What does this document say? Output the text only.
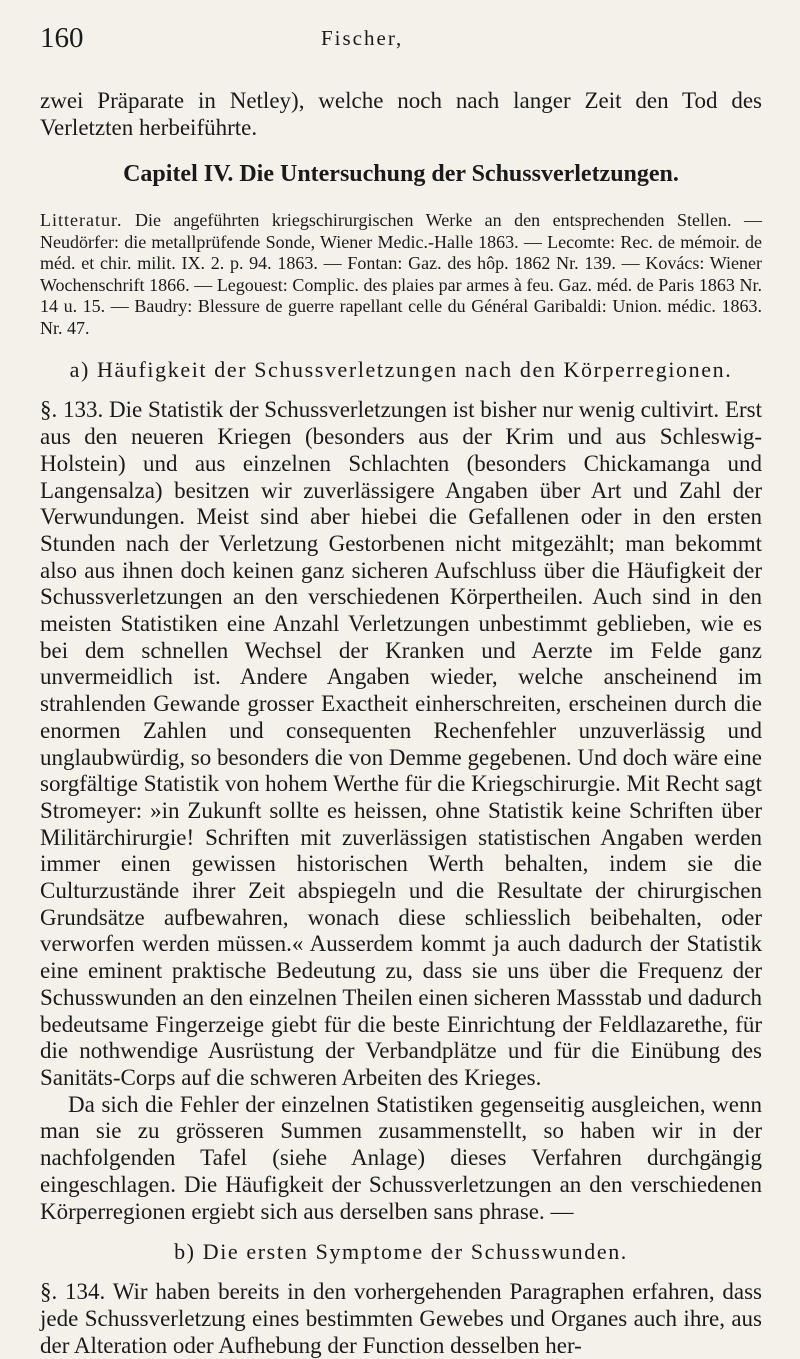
160	Fischer,

zwei Präparate in Netley), welche noch nach langer Zeit den Tod des Verletzten herbeiführte.

Capitel IV. Die Untersuchung der Schussverletzungen.

Litteratur. Die angeführten kriegschirurgischen Werke an den entsprechenden Stellen. — Neudörfer: die metallprüfende Sonde, Wiener Medic.-Halle 1863. — Lecomte: Rec. de mémoir. de méd. et chir. milit. IX. 2. p. 94. 1863. — Fontan: Gaz. des hôp. 1862 Nr. 139. — Kovács: Wiener Wochenschrift 1866. — Legouest: Complic. des plaies par armes à feu. Gaz. méd. de Paris 1863 Nr. 14 u. 15. — Baudry: Blessure de guerre rapellant celle du Général Garibaldi: Union. médic. 1863. Nr. 47.

a) Häufigkeit der Schussverletzungen nach den Körperregionen.

§. 133. Die Statistik der Schussverletzungen ist bisher nur wenig cultivirt. Erst aus den neueren Kriegen (besonders aus der Krim und aus Schleswig-Holstein) und aus einzelnen Schlachten (besonders Chickamanga und Langensalza) besitzen wir zuverlässigere Angaben über Art und Zahl der Verwundungen. Meist sind aber hiebei die Gefallenen oder in den ersten Stunden nach der Verletzung Gestorbenen nicht mitgezählt; man bekommt also aus ihnen doch keinen ganz sicheren Aufschluss über die Häufigkeit der Schussverletzungen an den verschiedenen Körpertheilen. Auch sind in den meisten Statistiken eine Anzahl Verletzungen unbestimmt geblieben, wie es bei dem schnellen Wechsel der Kranken und Aerzte im Felde ganz unvermeidlich ist. Andere Angaben wieder, welche anscheinend im strahlenden Gewande grosser Exactheit einherschreiten, erscheinen durch die enormen Zahlen und consequenten Rechenfehler unzuverlässig und unglaubwürdig, so besonders die von Demme gegebenen. Und doch wäre eine sorgfältige Statistik von hohem Werthe für die Kriegschirurgie. Mit Recht sagt Stromeyer: »in Zukunft sollte es heissen, ohne Statistik keine Schriften über Militärchirurgie! Schriften mit zuverlässigen statistischen Angaben werden immer einen gewissen historischen Werth behalten, indem sie die Culturzustände ihrer Zeit abspiegeln und die Resultate der chirurgischen Grundsätze aufbewahren, wonach diese schliesslich beibehalten, oder verworfen werden müssen.« Ausserdem kommt ja auch dadurch der Statistik eine eminent praktische Bedeutung zu, dass sie uns über die Frequenz der Schusswunden an den einzelnen Theilen einen sicheren Massstab und dadurch bedeutsame Fingerzeige giebt für die beste Einrichtung der Feldlazarethe, für die nothwendige Ausrüstung der Verbandplätze und für die Einübung des Sanitäts-Corps auf die schweren Arbeiten des Krieges.

Da sich die Fehler der einzelnen Statistiken gegenseitig ausgleichen, wenn man sie zu grösseren Summen zusammenstellt, so haben wir in der nachfolgenden Tafel (siehe Anlage) dieses Verfahren durchgängig eingeschlagen. Die Häufigkeit der Schussverletzungen an den verschiedenen Körperregionen ergiebt sich aus derselben sans phrase. —

b) Die ersten Symptome der Schusswunden.

§. 134. Wir haben bereits in den vorhergehenden Paragraphen erfahren, dass jede Schussverletzung eines bestimmten Gewebes und Organes auch ihre, aus der Alteration oder Aufhebung der Function desselben her-
